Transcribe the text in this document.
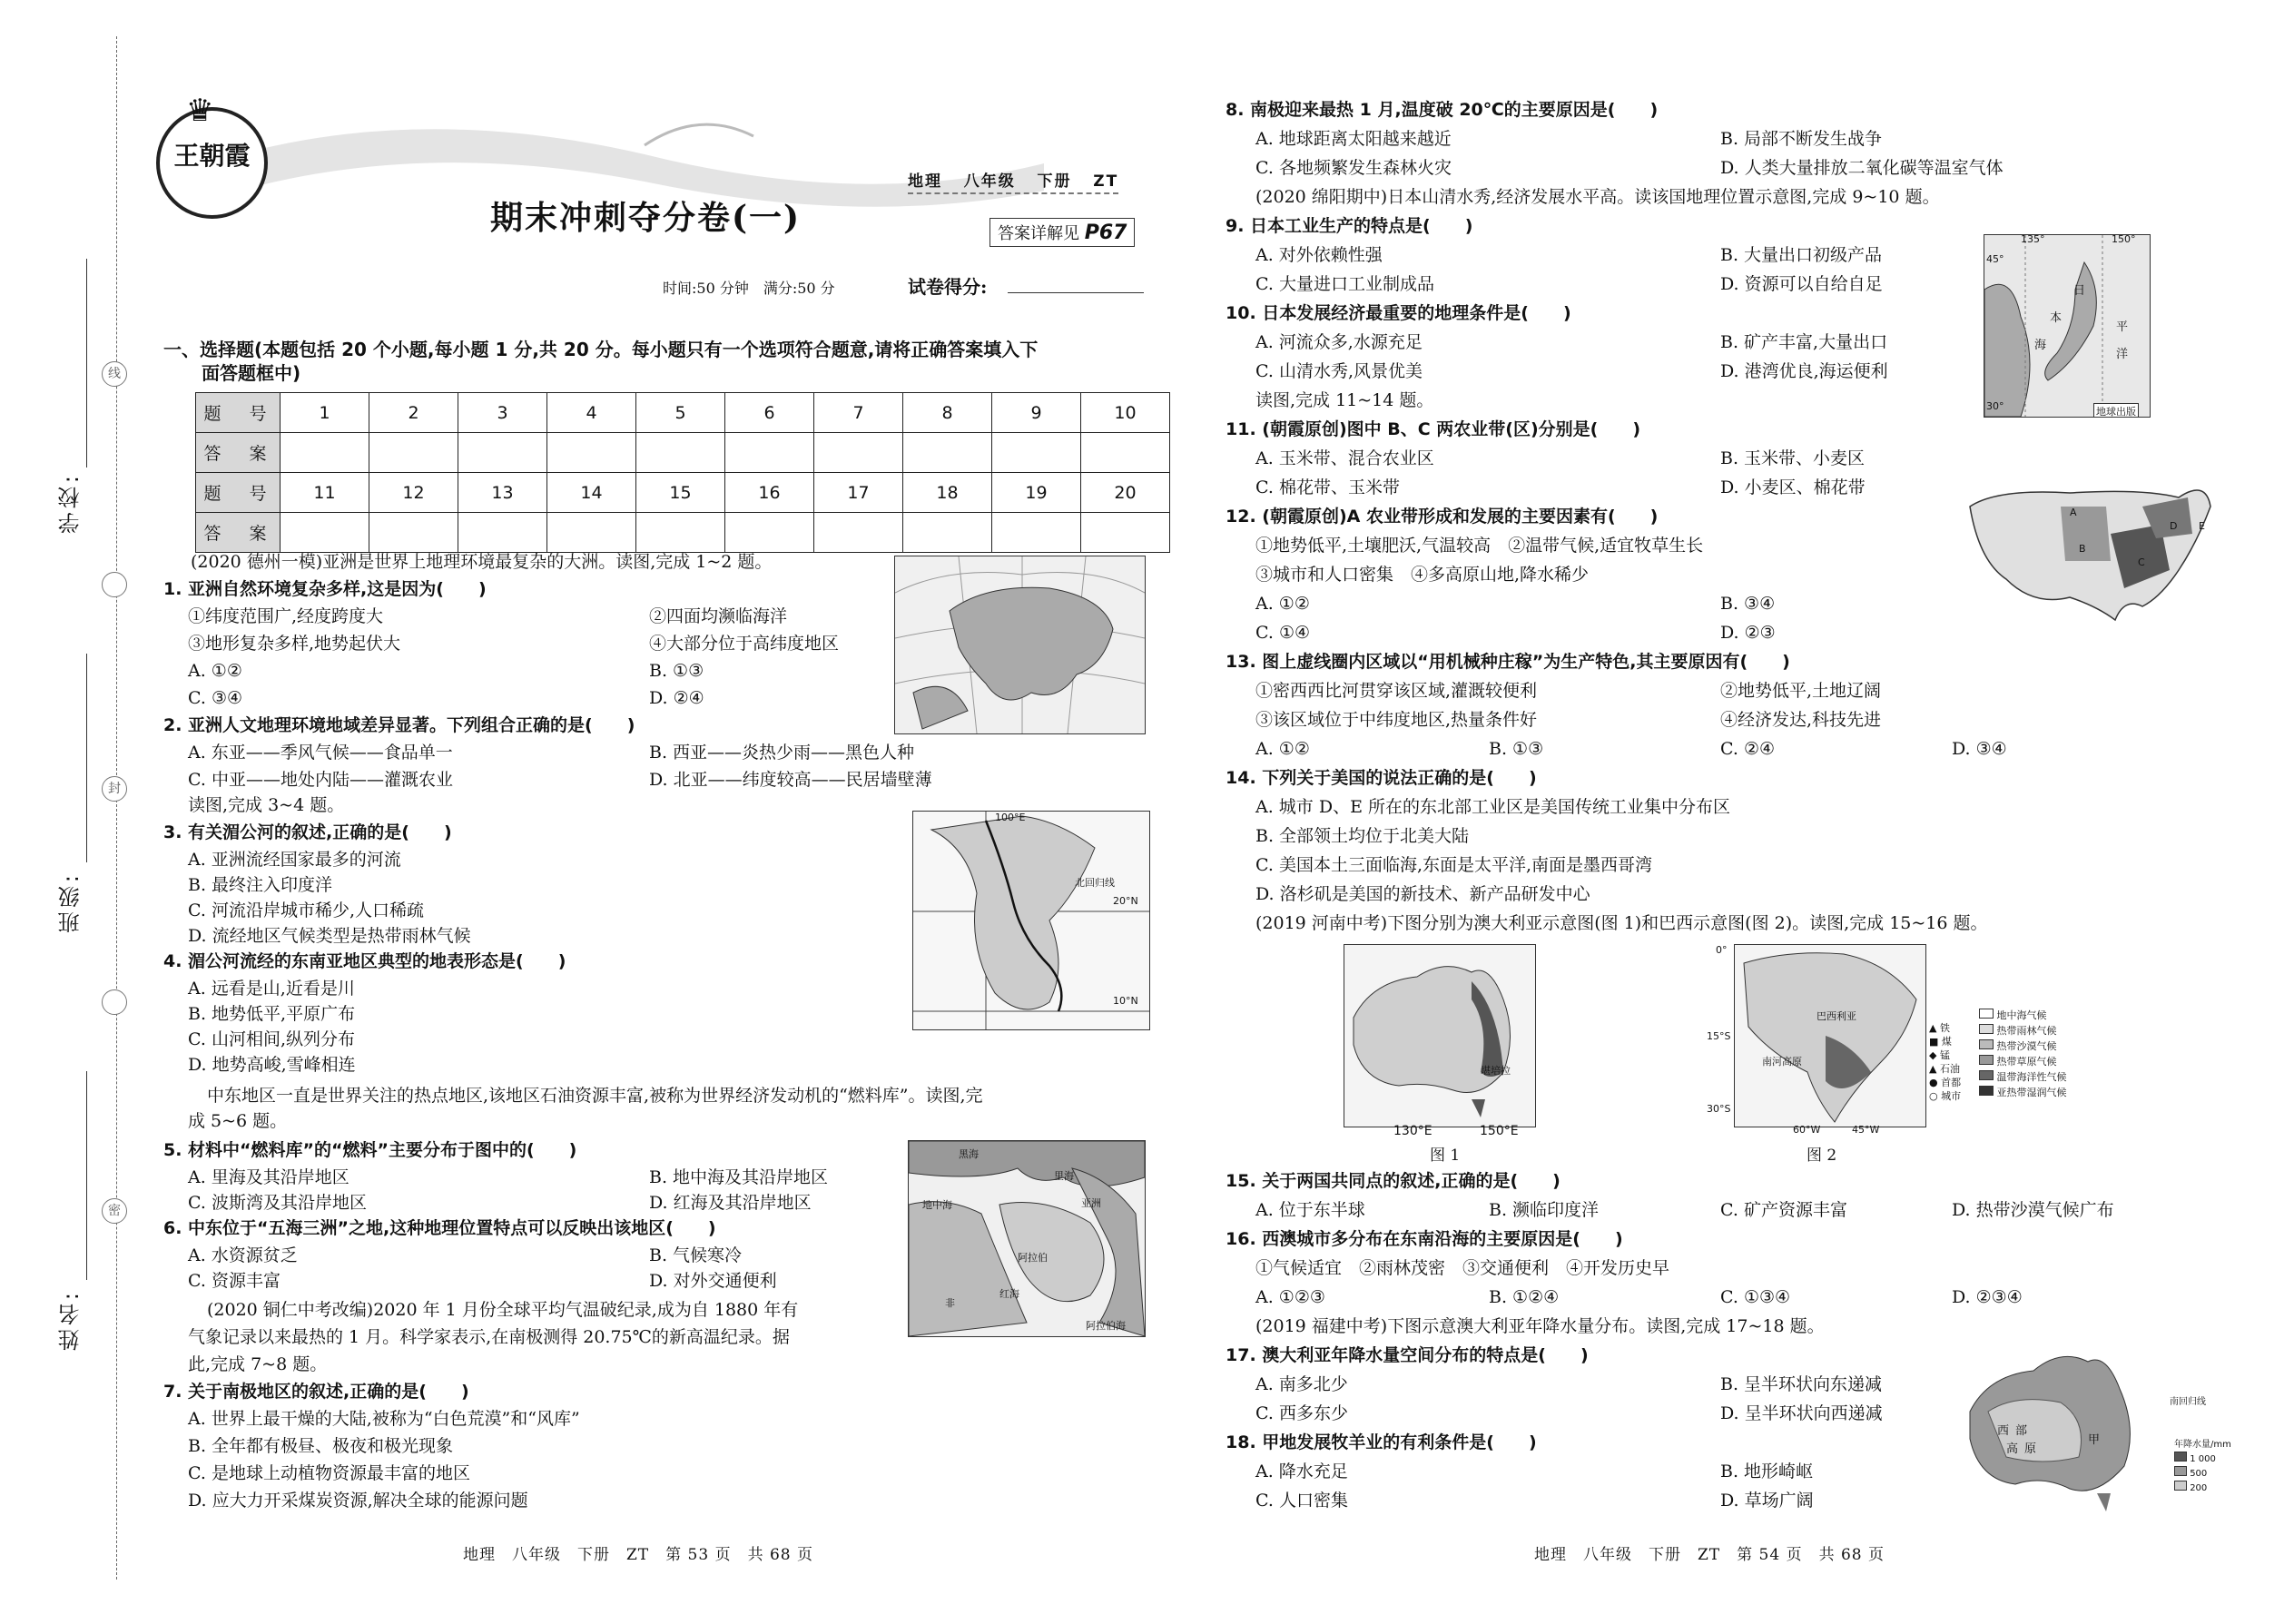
线
封
密
学校:
班级:
姓名:
王朝霞
♛
地理 八年级 下册 ZT
期末冲刺夺分卷(一)	答案详解见 P67
时间:50 分钟　满分:50 分	试卷得分:
一、选择题(本题包括 20 个小题,每小题 1 分,共 20 分。每小题只有一个选项符合题意,请将正确答案填入下
面答题框中)
题　号	1	2	3	4	5	6	7	8	9	10
答　案										
题　号	11	12	13	14	15	16	17	18	19	20
答　案										
(2020 德州一模)亚洲是世界上地理环境最复杂的大洲。读图,完成 1~2 题。
1. 亚洲自然环境复杂多样,这是因为(　　)
①纬度范围广,经度跨度大	②四面均濒临海洋
③地形复杂多样,地势起伏大	④大部分位于高纬度地区
A. ①②	B. ①③
C. ③④	D. ②④
2. 亚洲人文地理环境地域差异显著。下列组合正确的是(　　)
A. 东亚——季风气候——食品单一	B. 西亚——炎热少雨——黑色人种
C. 中亚——地处内陆——灌溉农业	D. 北亚——纬度较高——民居墙壁薄
读图,完成 3~4 题。
3. 有关湄公河的叙述,正确的是(　　)
A. 亚洲流经国家最多的河流
B. 最终注入印度洋
C. 河流沿岸城市稀少,人口稀疏
D. 流经地区气候类型是热带雨林气候
4. 湄公河流经的东南亚地区典型的地表形态是(　　)
A. 远看是山,近看是川
B. 地势低平,平原广布
C. 山河相间,纵列分布
D. 地势高峻,雪峰相连
中东地区一直是世界关注的热点地区,该地区石油资源丰富,被称为世界经济发动机的“燃料库”。读图,完
成 5~6 题。
5. 材料中“燃料库”的“燃料”主要分布于图中的(　　)
A. 里海及其沿岸地区	B. 地中海及其沿岸地区
C. 波斯湾及其沿岸地区	D. 红海及其沿岸地区
6. 中东位于“五海三洲”之地,这种地理位置特点可以反映出该地区(　　)
A. 水资源贫乏	B. 气候寒冷
C. 资源丰富	D. 对外交通便利
(2020 铜仁中考改编)2020 年 1 月份全球平均气温破纪录,成为自 1880 年有
气象记录以来最热的 1 月。科学家表示,在南极测得 20.75℃的新高温纪录。据
此,完成 7~8 题。
7. 关于南极地区的叙述,正确的是(　　)
A. 世界上最干燥的大陆,被称为“白色荒漠”和“风库”
B. 全年都有极昼、极夜和极光现象
C. 是地球上动植物资源最丰富的地区
D. 应大力开采煤炭资源,解决全球的能源问题
地理　八年级　下册　ZT　第 53 页　共 68 页
100°E
20°N
10°N
北回归线
黑海
里海
地中海
阿拉伯
红海
非
亚洲
阿拉伯海
8. 南极迎来最热 1 月,温度破 20℃的主要原因是(　　)
A. 地球距离太阳越来越近	B. 局部不断发生战争
C. 各地频繁发生森林火灾	D. 人类大量排放二氧化碳等温室气体
(2020 绵阳期中)日本山清水秀,经济发展水平高。读该国地理位置示意图,完成 9~10 题。
9. 日本工业生产的特点是(　　)
A. 对外依赖性强	B. 大量出口初级产品
C. 大量进口工业制成品	D. 资源可以自给自足
10. 日本发展经济最重要的地理条件是(　　)
A. 河流众多,水源充足	B. 矿产丰富,大量出口
C. 山清水秀,风景优美	D. 港湾优良,海运便利
读图,完成 11~14 题。
11. (朝霞原创)图中 B、C 两农业带(区)分别是(　　)
A. 玉米带、混合农业区	B. 玉米带、小麦区
C. 棉花带、玉米带	D. 小麦区、棉花带
12. (朝霞原创)A 农业带形成和发展的主要因素有(　　)
①地势低平,土壤肥沃,气温较高　②温带气候,适宜牧草生长
③城市和人口密集　④多高原山地,降水稀少
A. ①②	B. ③④
C. ①④	D. ②③
13. 图上虚线圈内区域以“用机械种庄稼”为生产特色,其主要原因有(　　)
①密西西比河贯穿该区域,灌溉较便利	②地势低平,土地辽阔
③该区域位于中纬度地区,热量条件好	④经济发达,科技先进
A. ①②	B. ①③	C. ②④	D. ③④
14. 下列关于美国的说法正确的是(　　)
A. 城市 D、E 所在的东北部工业区是美国传统工业集中分布区
B. 全部领土均位于北美大陆
C. 美国本土三面临海,东面是太平洋,南面是墨西哥湾
D. 洛杉矶是美国的新技术、新产品研发中心
(2019 河南中考)下图分别为澳大利亚示意图(图 1)和巴西示意图(图 2)。读图,完成 15~16 题。
图 1	图 2
15. 关于两国共同点的叙述,正确的是(　　)
A. 位于东半球	B. 濒临印度洋	C. 矿产资源丰富	D. 热带沙漠气候广布
16. 西澳城市多分布在东南沿海的主要原因是(　　)
①气候适宜　②雨林茂密　③交通便利　④开发历史早
A. ①②③	B. ①②④	C. ①③④	D. ②③④
(2019 福建中考)下图示意澳大利亚年降水量分布。读图,完成 17~18 题。
17. 澳大利亚年降水量空间分布的特点是(　　)
A. 南多北少	B. 呈半环状向东递减
C. 西多东少	D. 呈半环状向西递减
18. 甲地发展牧羊业的有利条件是(　　)
A. 降水充足	B. 地形崎岖
C. 人口密集	D. 草场广阔
地理　八年级　下册　ZT　第 54 页　共 68 页
135°	150°
45°
30°
日
本
海
平
洋
地球出版
A
B
C
D E
堪培拉
130°E	150°E
巴西利亚
南河高原
0°
15°S
30°S
60°W	45°W
▲ 铁
■ 煤
◆ 锰
▲ 石油
● 首都
○ 城市
地中海气候
热带雨林气候
热带沙漠气候
热带草原气候
温带海洋性气候
亚热带湿润气候
西 部
高 原
甲
南回归线
年降水量/mm
1 000
500
200
